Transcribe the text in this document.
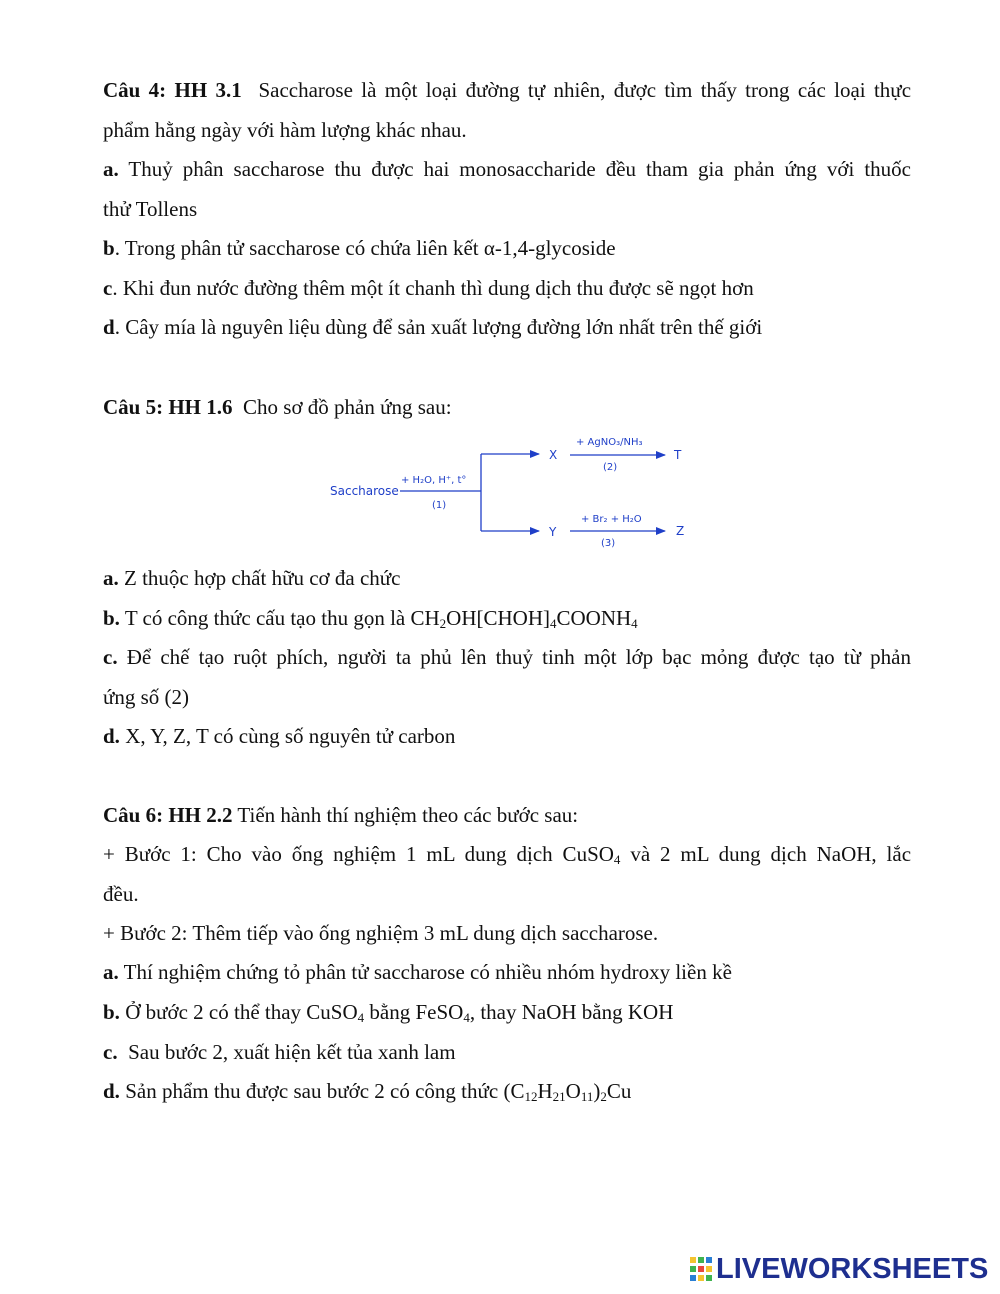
Câu 4: HH 3.1 Saccharose là một loại đường tự nhiên, được tìm thấy trong các loại thực
phẩm hằng ngày với hàm lượng khác nhau.
a. Thuỷ phân saccharose thu được hai monosaccharide đều tham gia phản ứng với thuốc
thử Tollens
b. Trong phân tử saccharose có chứa liên kết α-1,4-glycoside
c. Khi đun nước đường thêm một ít chanh thì dung dịch thu được sẽ ngọt hơn
d. Cây mía là nguyên liệu dùng để sản xuất lượng đường lớn nhất trên thế giới
Câu 5: HH 1.6 Cho sơ đồ phản ứng sau:
Saccharose
+ H₂O, H⁺, t°
(1)
X
Y
+ AgNO₃/NH₃
(2)
T
+ Br₂ + H₂O
(3)
Z
a. Z thuộc hợp chất hữu cơ đa chức
b. T có công thức cấu tạo thu gọn là $CH_2OH[CHOH]_4COONH_4$
c. Để chế tạo ruột phích, người ta phủ lên thuỷ tinh một lớp bạc mỏng được tạo từ phản
ứng số (2)
d. X, Y, Z, T có cùng số nguyên tử carbon
Câu 6: HH 2.2 Tiến hành thí nghiệm theo các bước sau:
+ Bước 1: Cho vào ống nghiệm 1 mL dung dịch CuSO$_4$ và 2 mL dung dịch NaOH, lắc
đều.
+ Bước 2: Thêm tiếp vào ống nghiệm 3 mL dung dịch saccharose.
a. Thí nghiệm chứng tỏ phân tử saccharose có nhiều nhóm hydroxy liền kề
b. Ở bước 2 có thể thay CuSO$_4$ bằng FeSO$_4$, thay NaOH bằng KOH
c. Sau bước 2, xuất hiện kết tủa xanh lam
d. Sản phẩm thu được sau bước 2 có công thức $(C_{12}H_{21}O_{11})_2Cu$
LIVEWORKSHEETS
